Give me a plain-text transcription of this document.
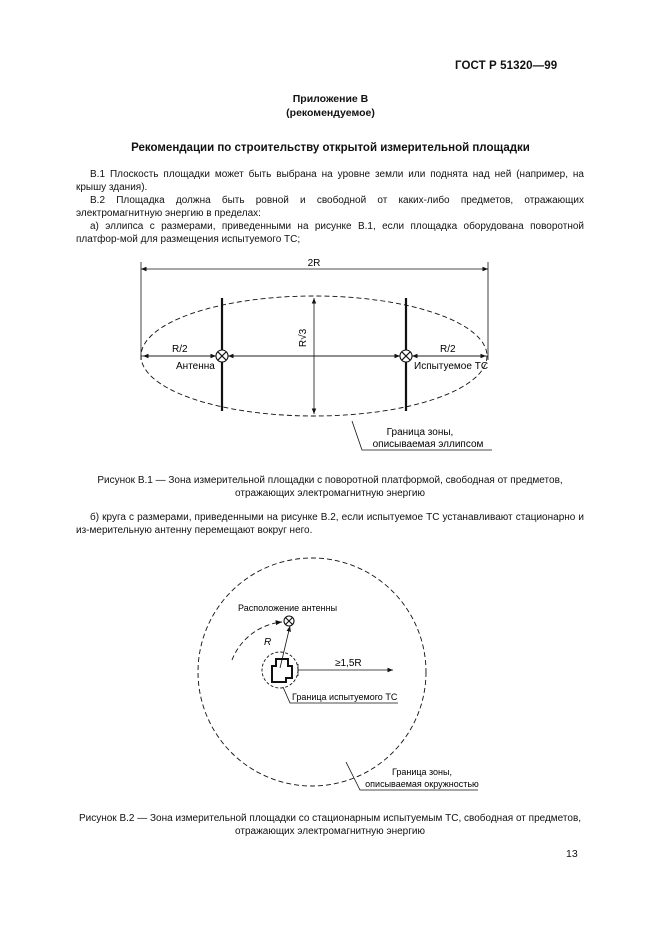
ГОСТ Р 51320—99
Приложение В
(рекомендуемое)
Рекомендации по строительству открытой измерительной площадки
В.1 Плоскость площадки может быть выбрана на уровне земли или поднята над ней (например, на крышу здания).
В.2 Площадка должна быть ровной и свободной от каких-либо предметов, отражающих электромагнитную энергию в пределах:
а) эллипса с размерами, приведенными на рисунке В.1, если площадка оборудована поворотной платфор-мой для размещения испытуемого ТС;
2R
R√3
R/2	R/2
Антенна	Испытуемое ТС
Граница зоны,
описываемая эллипсом
Рисунок В.1 — Зона измерительной площадки с поворотной платформой, свободная от предметов,
отражающих электромагнитную энергию
б) круга с размерами, приведенными на рисунке В.2, если испытуемое ТС устанавливают стационарно и из-мерительную антенну перемещают вокруг него.
R
Расположение антенны
≥1,5R
Граница испытуемого ТС
Граница зоны,
описываемая окружностью
Рисунок В.2 — Зона измерительной площадки со стационарным испытуемым ТС, свободная от предметов,
отражающих электромагнитную энергию
13
